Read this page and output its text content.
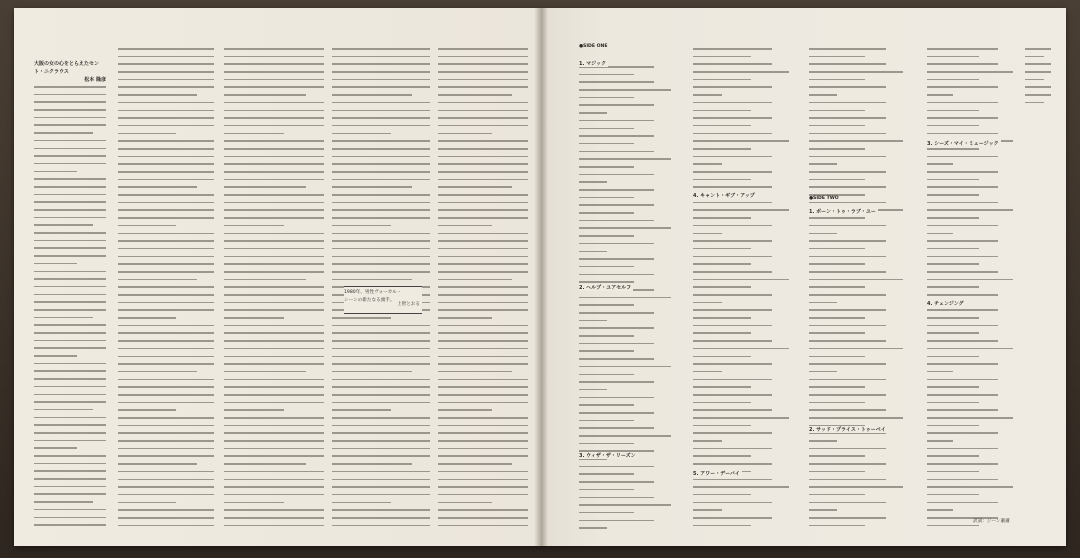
大阪の女の心をとらえたセント・ニクラウス
松本 隆彦
1980年、男性ヴォーカル・シーンの新たなる旗手。
上智とおる
●SIDE ONE
1. マジック
2. ヘルプ・ユアセルフ
3. ウィザ・ザ・リーズン
4. キャント・ギブ・アップ
5. アワー・デーバイ
●SIDE TWO
1. ボーン・トゥ・ラブ・ユー
2. サッド・プライス・トゥーベイ
3. シーズ・マイ・ミュージック
4. チェンジング
訳詞：ジーン蕭蕭
